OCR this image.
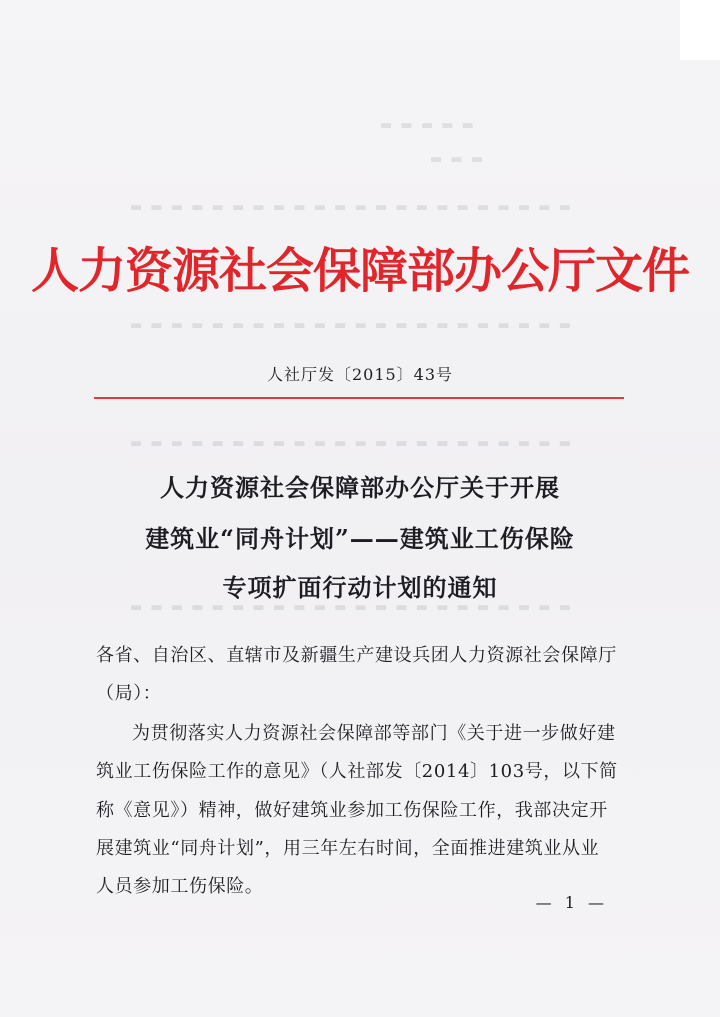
▬ ▬ ▬ ▬ ▬
▬ ▬ ▬
▬ ▬ ▬ ▬ ▬ ▬ ▬ ▬ ▬ ▬ ▬ ▬ ▬ ▬ ▬ ▬ ▬ ▬ ▬ ▬ ▬ ▬
▬ ▬ ▬ ▬ ▬ ▬ ▬ ▬ ▬ ▬ ▬ ▬ ▬ ▬ ▬ ▬ ▬ ▬ ▬ ▬ ▬ ▬
▬ ▬ ▬ ▬ ▬ ▬ ▬ ▬ ▬ ▬ ▬ ▬ ▬ ▬ ▬ ▬ ▬ ▬ ▬ ▬ ▬ ▬
▬ ▬ ▬ ▬ ▬ ▬ ▬ ▬ ▬ ▬ ▬ ▬ ▬ ▬ ▬ ▬ ▬ ▬ ▬ ▬ ▬ ▬
人力资源社会保障部办公厅文件
人社厅发〔2015〕43号
人力资源社会保障部办公厅关于开展
建筑业“同舟计划”——建筑业工伤保险
专项扩面行动计划的通知
各省、自治区、直辖市及新疆生产建设兵团人力资源社会保障厅
（局）：
为贯彻落实人力资源社会保障部等部门《关于进一步做好建
筑业工伤保险工作的意见》（人社部发〔2014〕103号，以下简
称《意见》）精神，做好建筑业参加工伤保险工作，我部决定开
展建筑业“同舟计划”，用三年左右时间，全面推进建筑业从业
人员参加工伤保险。
— 1 —
